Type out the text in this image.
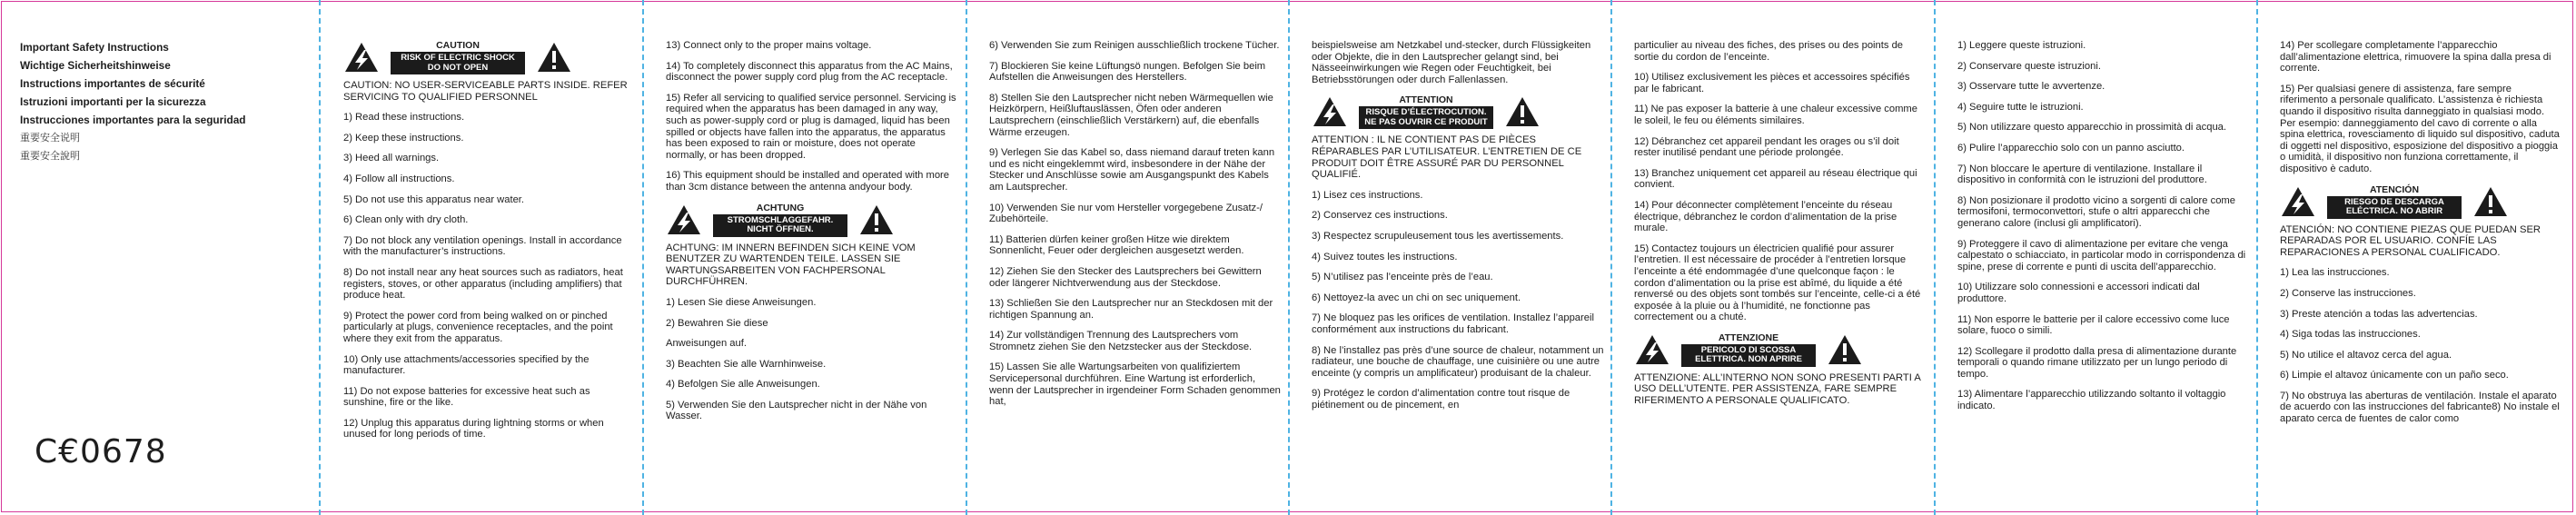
Important Safety Instructions
Wichtige Sicherheitshinweise
Instructions importantes de sécurité
Istruzioni importanti per la sicurezza
Instrucciones importantes para la seguridad
重要安全说明
重要安全說明
C€0678
CAUTION
RISK OF ELECTRIC SHOCK DO NOT OPEN

CAUTION: NO USER-SERVICEABLE PARTS INSIDE. REFER SERVICING TO QUALIFIED PERSONNEL

1) Read these instructions.

2) Keep these instructions.

3) Heed all warnings.

4) Follow all instructions.

5) Do not use this apparatus near water.

6) Clean only with dry cloth.

7) Do not block any ventilation openings. Install in accordance with the manufacturer’s instructions.

8) Do not install near any heat sources such as radiators, heat registers, stoves, or other apparatus (including amplifiers) that produce heat.

9) Protect the power cord from being walked on or pinched particularly at plugs, convenience receptacles, and the point where they exit from the apparatus.

10) Only use attachments/accessories specified by the manufacturer.

11) Do not expose batteries for excessive heat such as sunshine, fire or the like.

12) Unplug this apparatus during lightning storms or when unused for long periods of time.

13) Connect only to the proper mains voltage.

14) To completely disconnect this apparatus from the AC Mains, disconnect the power supply cord plug from the AC receptacle.

15) Refer all servicing to qualified service personnel. Servicing is required when the apparatus has been damaged in any way, such as power-supply cord or plug is damaged, liquid has been spilled or objects have fallen into the apparatus, the apparatus has been exposed to rain or moisture, does not operate normally, or has been dropped.

16) This equipment should be installed and operated with more than 3cm distance between the antenna andyour body.

ACHTUNG
STROMSCHLAGGEFAHR. NICHT ÖFFNEN.

ACHTUNG: IM INNERN BEFINDEN SICH KEINE VOM BENUTZER ZU WARTENDEN TEILE. LASSEN SIE WARTUNGSARBEITEN VON FACHPERSONAL DURCHFÜHREN.

1) Lesen Sie diese Anweisungen.

2) Bewahren Sie diese

Anweisungen auf.

3) Beachten Sie alle Warnhinweise.

4) Befolgen Sie alle Anweisungen.

5) Verwenden Sie den Lautsprecher nicht in der Nähe von Wasser.

6) Verwenden Sie zum Reinigen ausschließlich trockene Tücher.

7) Blockieren Sie keine Lüftungsö nungen. Befolgen Sie beim Aufstellen die Anweisungen des Herstellers.

8) Stellen Sie den Lautsprecher nicht neben Wärmequellen wie Heizkörpern, Heißluftauslässen, Öfen oder anderen Lautsprechern (einschließlich Verstärkern) auf, die ebenfalls Wärme erzeugen.

9) Verlegen Sie das Kabel so, dass niemand darauf treten kann und es nicht eingeklemmt wird, insbesondere in der Nähe der Stecker und Anschlüsse sowie am Ausgangspunkt des Kabels am Lautsprecher.

10) Verwenden Sie nur vom Hersteller vorgegebene Zusatz-/ Zubehörteile.

11) Batterien dürfen keiner großen Hitze wie direktem Sonnenlicht, Feuer oder dergleichen ausgesetzt werden.

12) Ziehen Sie den Stecker des Lautsprechers bei Gewittern oder längerer Nichtverwendung aus der Steckdose.

13) Schließen Sie den Lautsprecher nur an Steckdosen mit der richtigen Spannung an.

14) Zur vollständigen Trennung des Lautsprechers vom Stromnetz ziehen Sie den Netzstecker aus der Steckdose.

15) Lassen Sie alle Wartungsarbeiten von qualifiziertem Servicepersonal durchführen. Eine Wartung ist erforderlich, wenn der Lautsprecher in irgendeiner Form Schaden genommen hat,

beispielsweise am Netzkabel und-stecker, durch Flüssigkeiten oder Objekte, die in den Lautsprecher gelangt sind, bei Nässeeinwirkungen wie Regen oder Feuchtigkeit, bei Betriebsstörungen oder durch Fallenlassen.

ATTENTION
RISQUE D’ÉLECTROCUTION. NE PAS OUVRIR CE PRODUIT

ATTENTION : IL NE CONTIENT PAS DE PIÈCES RÉPARABLES PAR L’UTILISATEUR. L’ENTRETIEN DE CE PRODUIT DOIT ÊTRE ASSURÉ PAR DU PERSONNEL QUALIFIÉ.

1) Lisez ces instructions.

2) Conservez ces instructions.

3) Respectez scrupuleusement tous les avertissements.

4) Suivez toutes les instructions.

5) N’utilisez pas l’enceinte près de l’eau.

6) Nettoyez-la avec un chi on sec uniquement.

7) Ne bloquez pas les orifices de ventilation. Installez l’appareil conformément aux instructions du fabricant.

8) Ne l’installez pas près d’une source de chaleur, notamment un radiateur, une bouche de chauffage, une cuisinière ou une autre enceinte (y compris un amplificateur) produisant de la chaleur.

9) Protégez le cordon d’alimentation contre tout risque de piétinement ou de pincement, en

particulier au niveau des fiches, des prises ou des points de sortie du cordon de l’enceinte.

10) Utilisez exclusivement les pièces et accessoires spécifiés par le fabricant.

11) Ne pas exposer la batterie à une chaleur excessive comme le soleil, le feu ou éléments similaires.

12) Débranchez cet appareil pendant les orages ou s’il doit rester inutilisé pendant une période prolongée.

13) Branchez uniquement cet appareil au réseau électrique qui convient.

14) Pour déconnecter complètement l’enceinte du réseau électrique, débranchez le cordon d’alimentation de la prise murale.

15) Contactez toujours un électricien qualifié pour assurer l’entretien. Il est nécessaire de procéder à l’entretien lorsque l’enceinte a été endommagée d’une quelconque façon : le cordon d’alimentation ou la prise est abîmé, du liquide a été renversé ou des objets sont tombés sur l’enceinte, celle-ci a été exposée à la pluie ou à l’humidité, ne fonctionne pas correctement ou a chuté.

ATTENZIONE
PERICOLO DI SCOSSA ELETTRICA. NON APRIRE

ATTENZIONE: ALL’INTERNO NON SONO PRESENTI PARTI A USO DELL’UTENTE. PER ASSISTENZA, FARE SEMPRE RIFERIMENTO A PERSONALE QUALIFICATO.

1) Leggere queste istruzioni.

2) Conservare queste istruzioni.

3) Osservare tutte le avvertenze.

4) Seguire tutte le istruzioni.

5) Non utilizzare questo apparecchio in prossimità di acqua.

6) Pulire l’apparecchio solo con un panno asciutto.

7) Non bloccare le aperture di ventilazione. Installare il dispositivo in conformità con le istruzioni del produttore.

8) Non posizionare il prodotto vicino a sorgenti di calore come termosifoni, termoconvettori, stufe o altri apparecchi che generano calore (inclusi gli amplificatori).

9) Proteggere il cavo di alimentazione per evitare che venga calpestato o schiacciato, in particolar modo in corrispondenza di spine, prese di corrente e punti di uscita dell’apparecchio.

10) Utilizzare solo connessioni e accessori indicati dal produttore.

11) Non esporre le batterie per il calore eccessivo come luce solare, fuoco o simili.

12) Scollegare il prodotto dalla presa di alimentazione durante temporali o quando rimane utilizzato per un lungo periodo di tempo.

13) Alimentare l’apparecchio utilizzando soltanto il voltaggio indicato.

14) Per scollegare completamente l’apparecchio dall’alimentazione elettrica, rimuovere la spina dalla presa di corrente.

15) Per qualsiasi genere di assistenza, fare sempre riferimento a personale qualificato. L’assistenza è richiesta quando il dispositivo risulta danneggiato in qualsiasi modo. Per esempio: danneggiamento del cavo di corrente o alla spina elettrica, rovesciamento di liquido sul dispositivo, caduta di oggetti nel dispositivo, esposizione del dispositivo a pioggia o umidità, il dispositivo non funziona correttamente, il dispositivo è caduto.

ATENCIÓN
RIESGO DE DESCARGA ELÉCTRICA. NO ABRIR

ATENCIÓN: NO CONTIENE PIEZAS QUE PUEDAN SER REPARADAS POR EL USUARIO. CONFÍE LAS REPARACIONES A PERSONAL CUALIFICADO.

1) Lea las instrucciones.

2) Conserve las instrucciones.

3) Preste atención a todas las advertencias.

4) Siga todas las instrucciones.

5) No utilice el altavoz cerca del agua.

6) Limpie el altavoz únicamente con un paño seco.

7) No obstruya las aberturas de ventilación. Instale el aparato de acuerdo con las instrucciones del fabricante8) No instale el aparato cerca de fuentes de calor como
